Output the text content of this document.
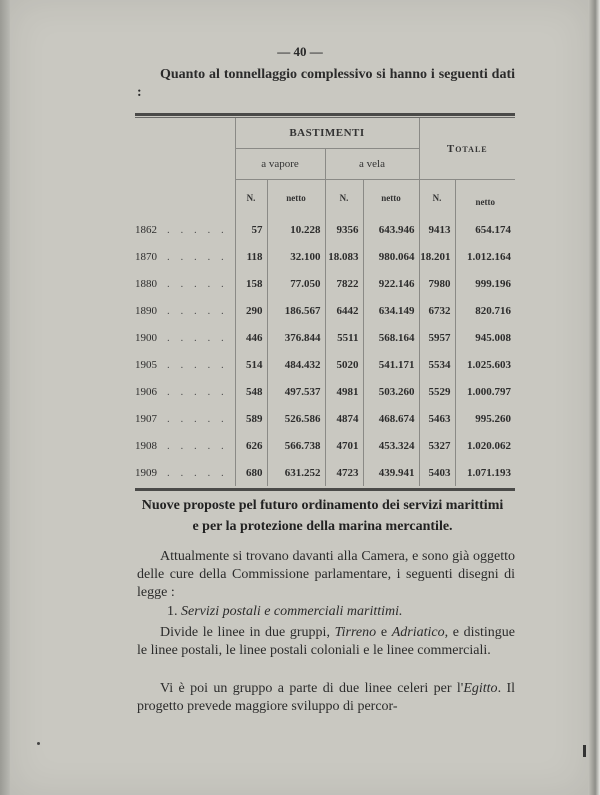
— 40 —
Quanto al tonnellaggio complessivo si hanno i seguenti dati :
	BASTIMENTI				Totale	
	a vapore		a vela			
	N.	netto	N.	netto	N.	netto
1862 . . . . .	57	10.228	9356	643.946	9413	654.174
1870 . . . . .	118	32.100	18.083	980.064	18.201	1.012.164
1880 . . . . .	158	77.050	7822	922.146	7980	999.196
1890 . . . . .	290	186.567	6442	634.149	6732	820.716
1900 . . . . .	446	376.844	5511	568.164	5957	945.008
1905 . . . . .	514	484.432	5020	541.171	5534	1.025.603
1906 . . . . .	548	497.537	4981	503.260	5529	1.000.797
1907 . . . . .	589	526.586	4874	468.674	5463	995.260
1908 . . . . .	626	566.738	4701	453.324	5327	1.020.062
1909 . . . . .	680	631.252	4723	439.941	5403	1.071.193
Nuove proposte pel futuro ordinamento dei servizi marittimi
e per la protezione della marina mercantile.
Attualmente si trovano davanti alla Camera, e sono già oggetto delle cure della Commissione parlamentare, i seguenti disegni di legge :
1. Servizi postali e commerciali marittimi.
Divide le linee in due gruppi, Tirreno e Adriatico, e distingue le linee postali, le linee postali coloniali e le linee commerciali.
Vi è poi un gruppo a parte di due linee celeri per l'Egitto. Il progetto prevede maggiore sviluppo di percor-
